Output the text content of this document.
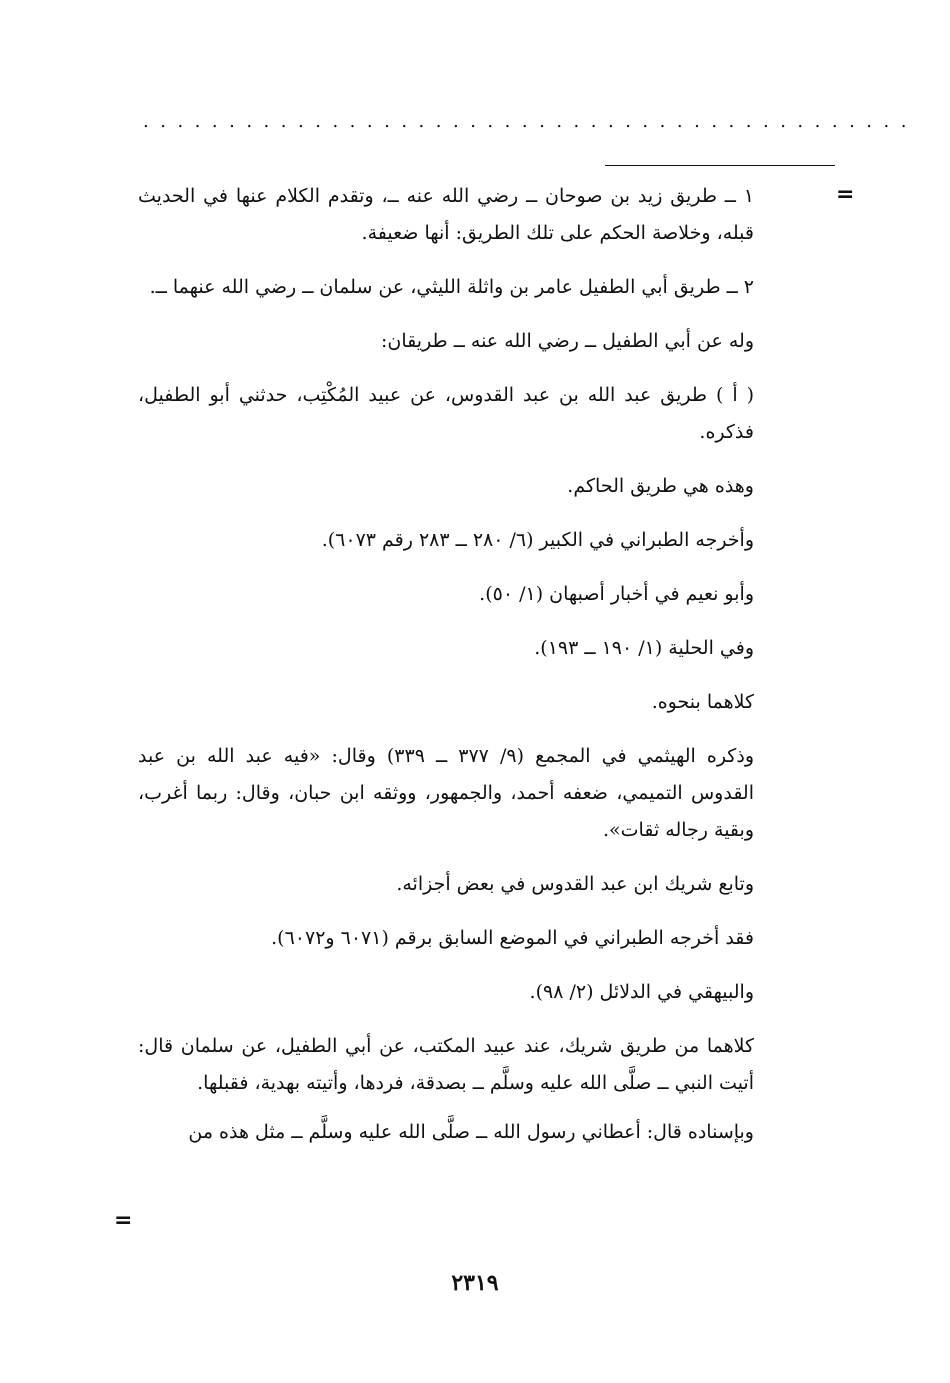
.............................................
=

١ ــ طريق زيد بن صوحان ــ رضي الله عنه ــ، وتقدم الكلام عنها في الحديث قبله، وخلاصة الحكم على تلك الطريق: أنها ضعيفة.

٢ ــ طريق أبي الطفيل عامر بن واثلة الليثي، عن سلمان ــ رضي الله عنهما ــ.

وله عن أبي الطفيل ــ رضي الله عنه ــ طريقان:

( أ ) طريق عبد الله بن عبد القدوس، عن عبيد المُكْتِب، حدثني أبو الطفيل، فذكره.

وهذه هي طريق الحاكم.

وأخرجه الطبراني في الكبير (٦/ ٢٨٠ ــ ٢٨٣ رقم ٦٠٧٣).

وأبو نعيم في أخبار أصبهان (١/ ٥٠).

وفي الحلية (١/ ١٩٠ ــ ١٩٣).

كلاهما بنحوه.

وذكره الهيثمي في المجمع (٩/ ٣٧٧ ــ ٣٣٩) وقال: «فيه عبد الله بن عبد القدوس التميمي، ضعفه أحمد، والجمهور، ووثقه ابن حبان، وقال: ربما أغرب، وبقية رجاله ثقات».

وتابع شريك ابن عبد القدوس في بعض أجزائه.

فقد أخرجه الطبراني في الموضع السابق برقم (٦٠٧١ و٦٠٧٢).

والبيهقي في الدلائل (٢/ ٩٨).

كلاهما من طريق شريك، عند عبيد المكتب، عن أبي الطفيل، عن سلمان قال: أتيت النبي ــ صلَّى الله عليه وسلَّم ــ بصدقة، فردها، وأتيته بهدية، فقبلها.

وبإسناده قال: أعطاني رسول الله ــ صلَّى الله عليه وسلَّم ــ مثل هذه من

=
٢٣١٩
